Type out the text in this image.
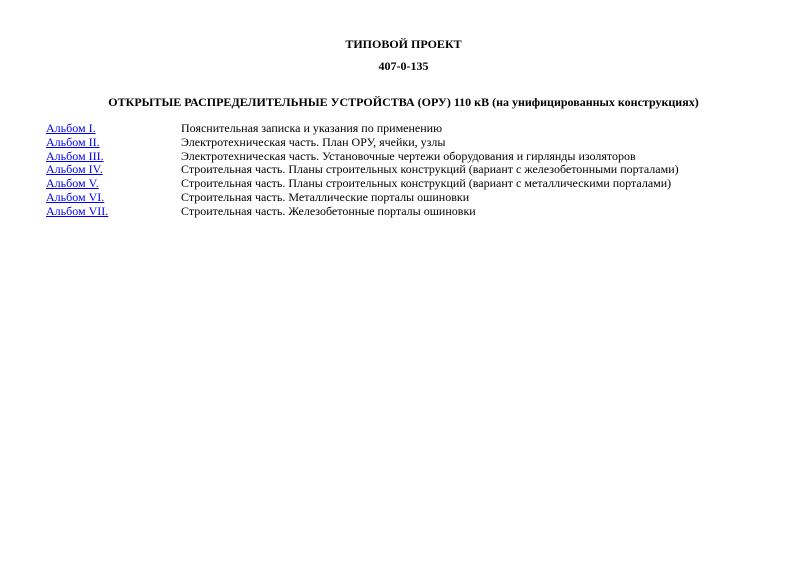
ТИПОВОЙ ПРОЕКТ
407-0-135
ОТКРЫТЫЕ РАСПРЕДЕЛИТЕЛЬНЫЕ УСТРОЙСТВА (ОРУ) 110 кВ (на унифицированных конструкциях)
Альбом I.	Пояснительная записка и указания по применению
Альбом II.	Электротехническая часть. План ОРУ, ячейки, узлы
Альбом III.	Электротехническая часть. Установочные чертежи оборудования и гирлянды изоляторов
Альбом IV.	Строительная часть. Планы строительных конструкций (вариант с железобетонными порталами)
Альбом V.	Строительная часть. Планы строительных конструкций (вариант с металлическими порталами)
Альбом VI.	Строительная часть. Металлические порталы ошиновки
Альбом VII.	Строительная часть. Железобетонные порталы ошиновки
